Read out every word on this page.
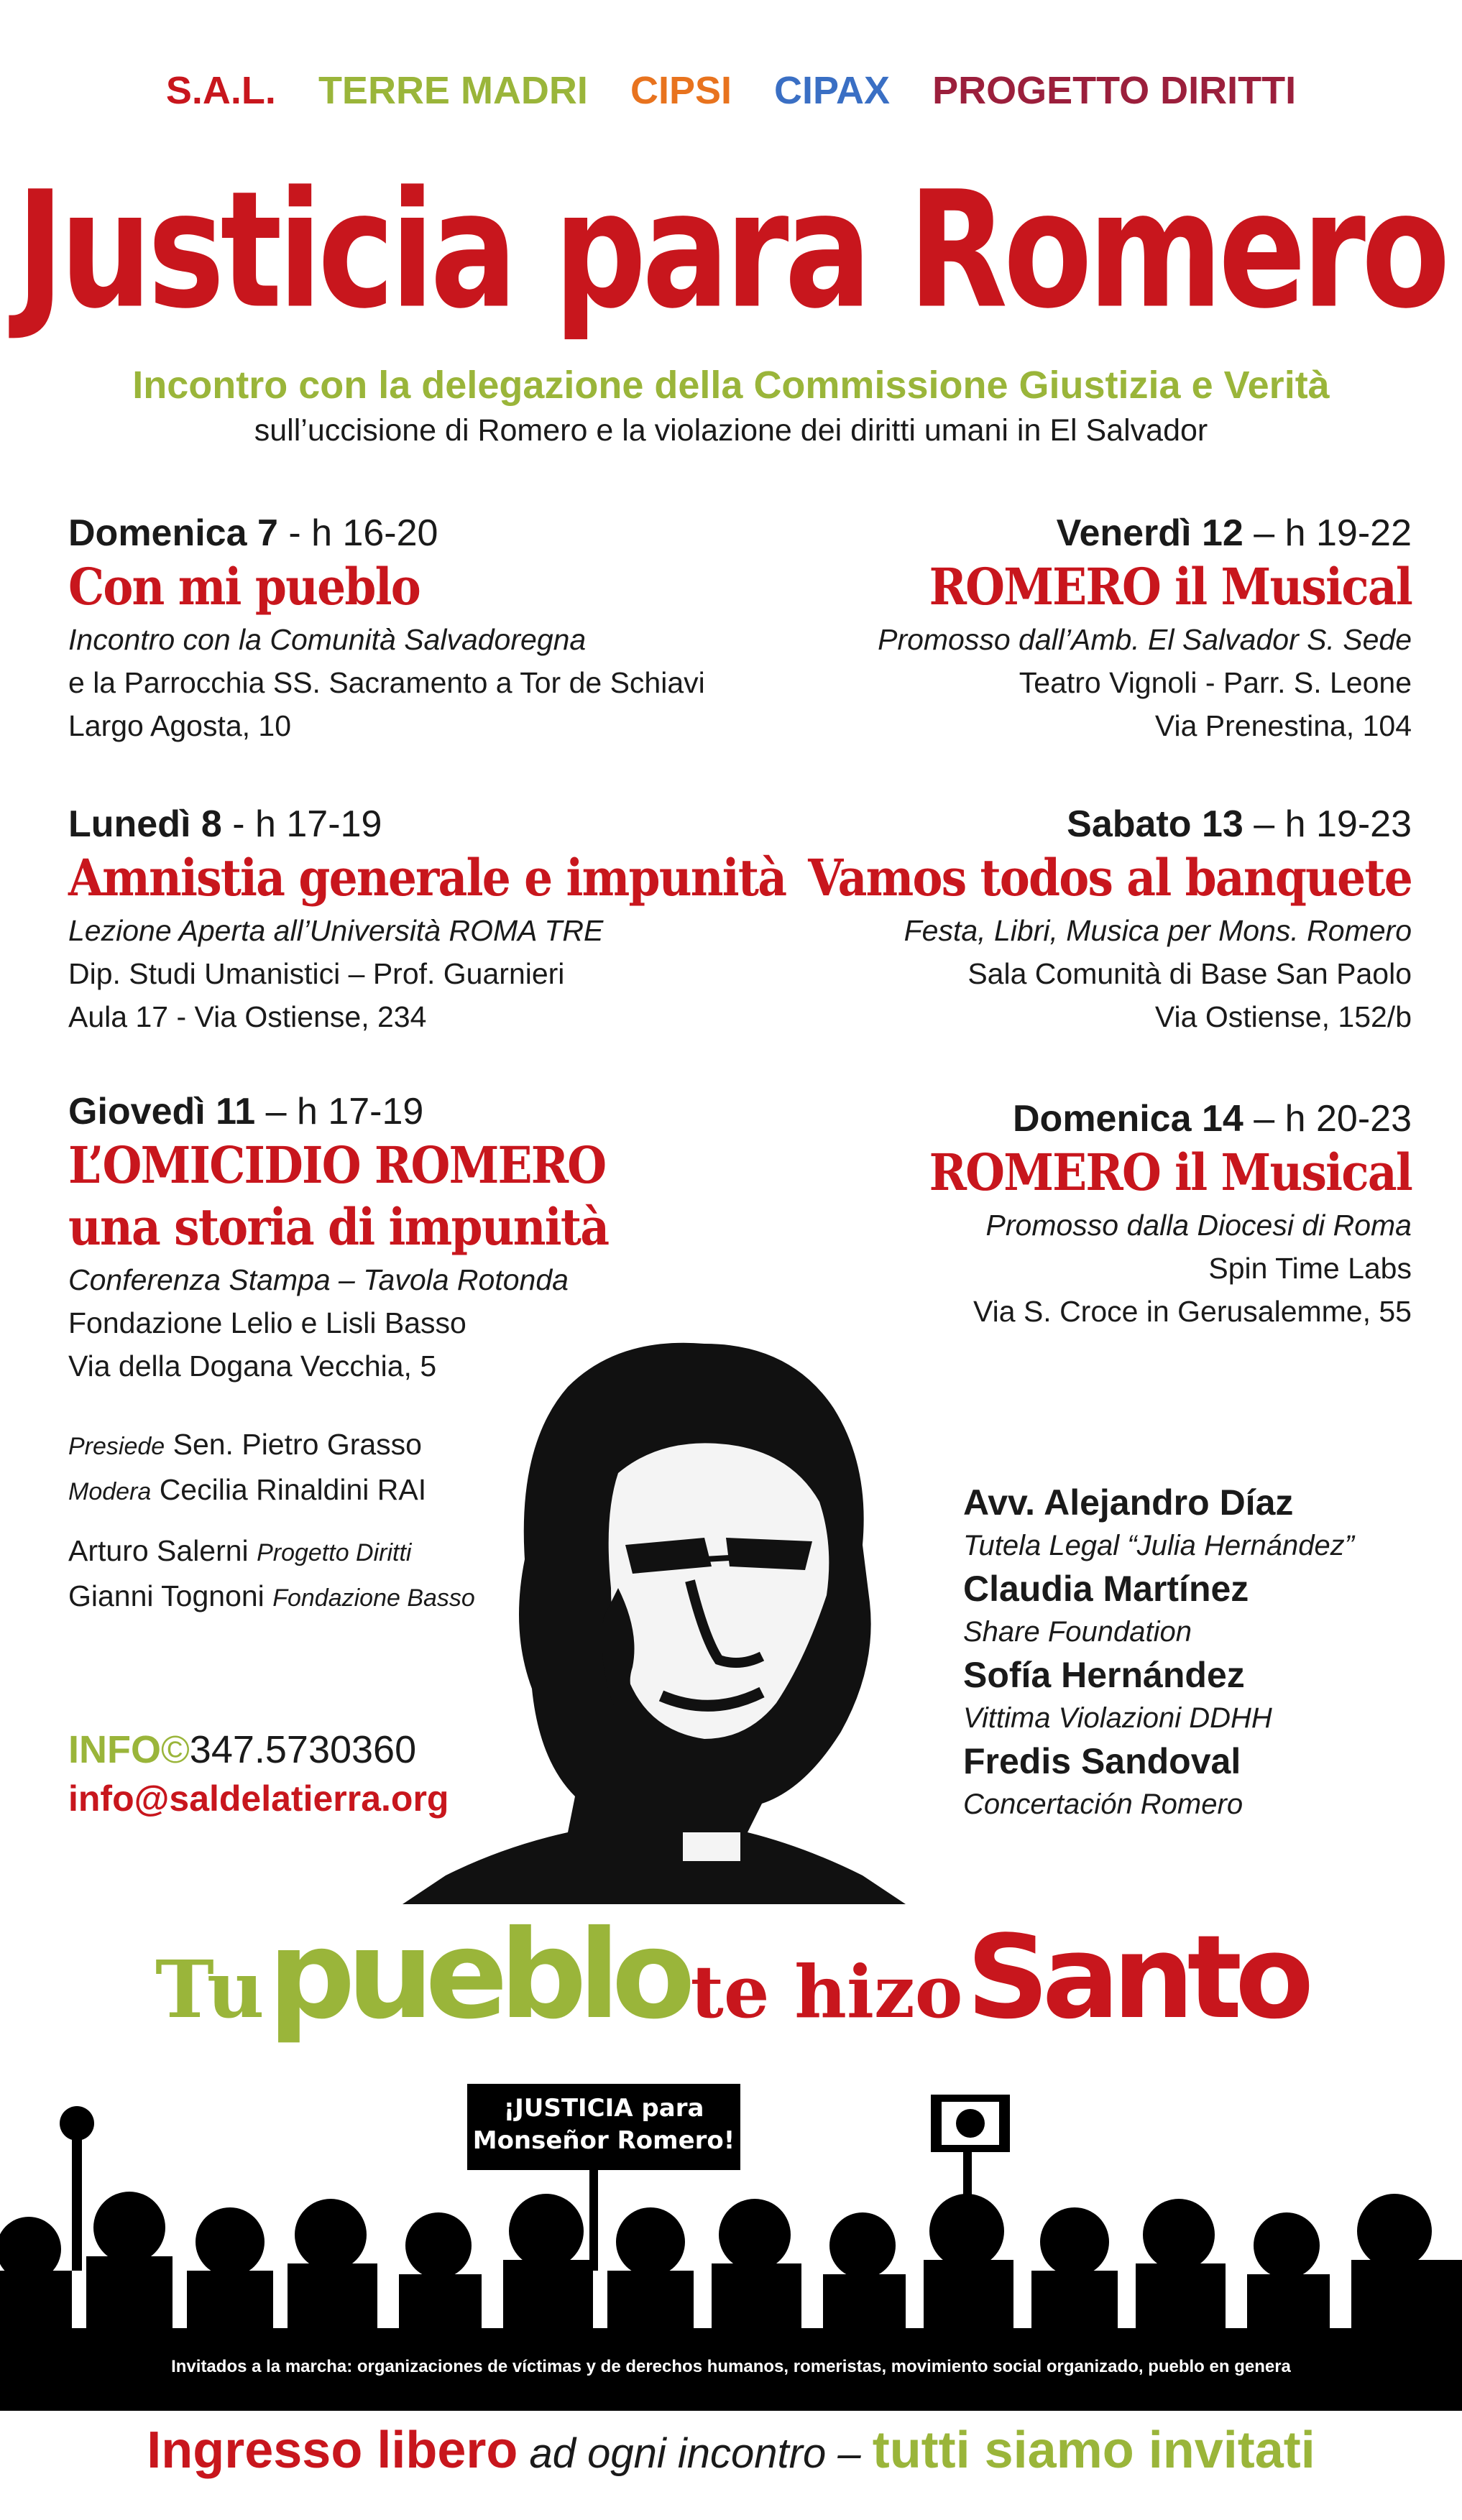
S.A.L. TERRE MADRI CIPSI CIPAX PROGETTO DIRITTI
Justicia para Romero
Incontro con la delegazione della Commissione Giustizia e Verità
sull’uccisione di Romero e la violazione dei diritti umani in El Salvador
Domenica 7 - h 16-20
Con mi pueblo
Incontro con la Comunità Salvadoregna
e la Parrocchia SS. Sacramento a Tor de Schiavi
Largo Agosta, 10
Lunedì 8 - h 17-19
Amnistia generale e impunità
Lezione Aperta all’Università ROMA TRE
Dip. Studi Umanistici – Prof. Guarnieri
Aula 17 - Via Ostiense, 234
Giovedì 11 – h 17-19
L’OMICIDIO ROMERO
una storia di impunità
Conferenza Stampa – Tavola Rotonda
Fondazione Lelio e Lisli Basso
Via della Dogana Vecchia, 5
Presiede Sen. Pietro Grasso
Modera Cecilia Rinaldini RAI
Arturo Salerni Progetto Diritti
Gianni Tognoni Fondazione Basso
Venerdì 12 – h 19-22
ROMERO il Musical
Promosso dall’Amb. El Salvador S. Sede
Teatro Vignoli - Parr. S. Leone
Via Prenestina, 104
Sabato 13 – h 19-23
Vamos todos al banquete
Festa, Libri, Musica per Mons. Romero
Sala Comunità di Base San Paolo
Via Ostiense, 152/b
Domenica 14 – h 20-23
ROMERO il Musical
Promosso dalla Diocesi di Roma
Spin Time Labs
Via S. Croce in Gerusalemme, 55
Avv. Alejandro Díaz
Tutela Legal “Julia Hernández”
Claudia Martínez
Share Foundation
Sofía Hernández
Vittima Violazioni DDHH
Fredis Sandoval
Concertación Romero
INFO©347.5730360
info@saldelatierra.org
Tu pueblo te hizo Santo
¡JUSTICIA para
Monseñor Romero!
Invitados a la marcha: organizaciones de víctimas y de derechos humanos, romeristas, movimiento social organizado, pueblo en genera
Ingresso libero ad ogni incontro – tutti siamo invitati
